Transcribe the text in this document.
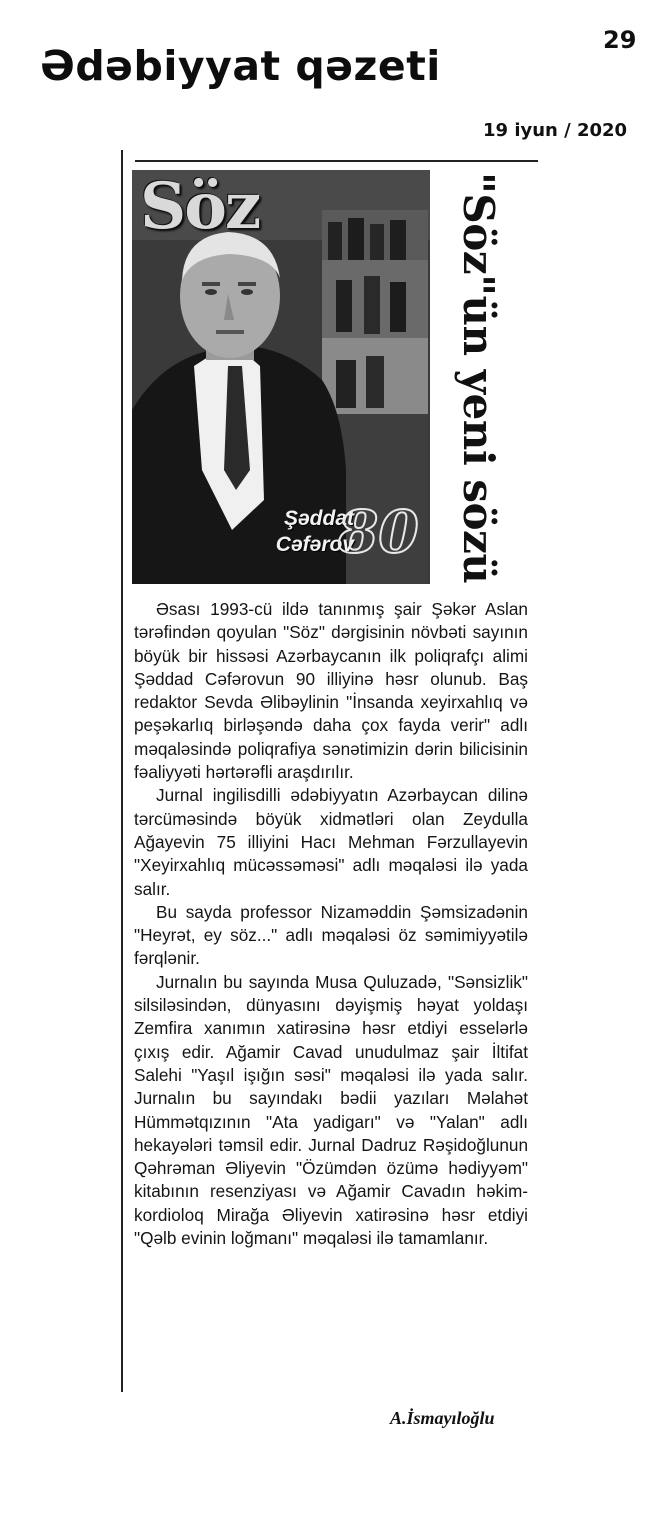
Ədəbiyyat qəzeti
29
19 iyun / 2020
Söz
Şəddat
Cəfərov
80 "Söz"ün yeni sözü

Əsası 1993-cü ildə tanınmış şair Şəkər Aslan tərəfindən qoyulan "Söz" dərgisinin növbəti sayının böyük bir hissəsi Azərbaycanın ilk poliqrafçı alimi Şəddad Cəfərovun 90 illiyinə həsr olunub. Baş redaktor Sevda Əlibəylinin "İnsanda xeyirxahlıq və peşəkarlıq birləşəndə daha çox fayda verir" adlı məqaləsində poliqrafiya sənətimizin dərin bilicisinin fəaliyyəti hərtərəfli araşdırılır.

Jurnal ingilisdilli ədəbiyyatın Azərbaycan dilinə tərcüməsində böyük xidmətləri olan Zeydulla Ağayevin 75 illiyini Hacı Mehman Fərzullayevin "Xeyirxahlıq mücəssəməsi" adlı məqaləsi ilə yada salır.

Bu sayda professor Nizaməddin Şəmsizadənin "Heyrət, ey söz..." adlı məqaləsi öz səmimiyyətilə fərqlənir.

Jurnalın bu sayında Musa Quluzadə, "Sənsizlik" silsiləsindən, dünyasını dəyişmiş həyat yoldaşı Zemfira xanımın xatirəsinə həsr etdiyi esselərlə çıxış edir. Ağamir Cavad unudulmaz şair İltifat Salehi "Yaşıl işığın səsi" məqaləsi ilə yada salır. Jurnalın bu sayındakı bədii yazıları Məlahət Hümmətqızının "Ata yadigarı" və "Yalan" adlı hekayələri təmsil edir. Jurnal Dadruz Rəşidoğlunun Qəhrəman Əliyevin "Özümdən özümə hədiyyəm" kitabının resenziyası və Ağamir Cavadın həkim-kordioloq Mirağa Əliyevin xatirəsinə həsr etdiyi "Qəlb evinin loğmanı" məqaləsi ilə tamamlanır.

A.İsmayıloğlu
